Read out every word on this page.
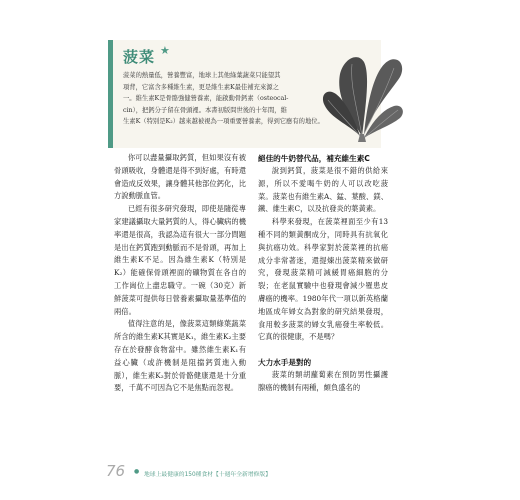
菠菜 ★

菠菜的熱量低，營養豐富，地球上其他綠葉蔬菜只能望其

項背，它富含多種維生素，更是維生素K最佳補充來源之

一。維生素K是骨骼強健營養素，能啟動骨鈣素（osteocal-

cin），把鈣分子留在骨頭裡。本書初版問世後的十年間，維

生素K（特別是K₂）越來越被視為一項重要營養素，得到它應有的地位。

你可以盡量攝取鈣質，但如果沒有被骨頭吸收，身體還是得不到好處，有時還會造成反效果，讓身體其他部位鈣化，比方說動脈血管。

已經有很多研究發現，即使是隨從專家建議攝取大量鈣質的人，得心臟病的機率還是很高，我認為這有很大一部分問題是出在鈣質跑到動脈而不是骨頭，再加上維生素K不足。因為維生素K（特別是K₂）能確保骨頭裡面的礦物質在各自的工作崗位上盡忠職守。一碗（30克）新鮮菠菜可提供每日營養素攝取量基準值的兩倍。

值得注意的是，像菠菜這類綠葉蔬菜所含的維生素K其實是K₁，維生素K₂主要存在於發酵食物當中。雖然維生素K₁有益心臟（或許機制是阻擋鈣質進入動脈），維生素K₂對於骨骼健康還是十分重要，千萬不可因為它不是焦點而忽視。

絕佳的牛奶替代品，補充維生素C

說到鈣質，菠菜是很不錯的供給來源，所以不愛喝牛奶的人可以改吃菠菜。菠菜也有維生素A、錳、葉酸、鎂、鐵、維生素C，以及抗發炎的葉黃素。

科學來發現，在菠菜裡面至少有13種不同的類黃酮成分，同時具有抗氧化與抗癌功效。科學家對於菠菜裡的抗癌成分非常著迷，還提煉出菠菜精來做研究，發現菠菜精可減緩胃癌細胞的分裂；在老鼠實驗中也發現會減少罹患皮膚癌的機率。1980年代一項以新英格蘭地區成年婦女為對象的研究結果發現，食用較多菠菜的婦女乳癌發生率較低。它真的很健康，不是嗎？

大力水手是對的

菠菜的類胡蘿蔔素在預防男性攝護腺癌的機制有兩種，頗負盛名的

76 ● 地球上最健康的150種食材【十週年全新增修版】
